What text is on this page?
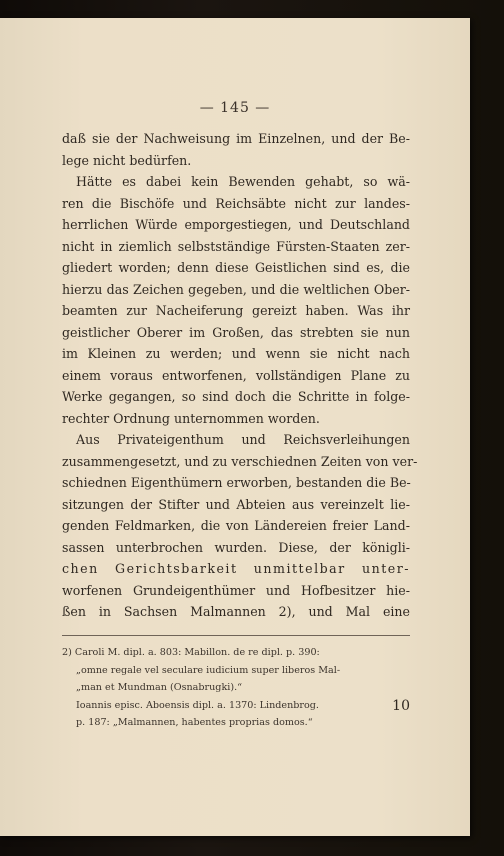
— 145 —
daß sie der Nachweisung im Einzelnen, und der Be-
lege nicht bedürfen.
Hätte es dabei kein Bewenden gehabt, so wä-
ren die Bischöfe und Reichsäbte nicht zur landes-
herrlichen Würde emporgestiegen, und Deutschland
nicht in ziemlich selbstständige Fürsten-Staaten zer-
gliedert worden; denn diese Geistlichen sind es, die
hierzu das Zeichen gegeben, und die weltlichen Ober-
beamten zur Nacheiferung gereizt haben. Was ihr
geistlicher Oberer im Großen, das strebten sie nun
im Kleinen zu werden; und wenn sie nicht nach
einem voraus entworfenen, vollständigen Plane zu
Werke gegangen, so sind doch die Schritte in folge-
rechter Ordnung unternommen worden.
Aus Privateigenthum und Reichsverleihungen
zusammengesetzt, und zu verschiednen Zeiten von ver-
schiednen Eigenthümern erworben, bestanden die Be-
sitzungen der Stifter und Abteien aus vereinzelt lie-
genden Feldmarken, die von Ländereien freier Land-
sassen unterbrochen wurden. Diese, der königli-
chen Gerichtsbarkeit unmittelbar unter-
worfenen Grundeigenthümer und Hofbesitzer hie-
ßen in Sachsen Malmannen 2), und Mal eine
2) Caroli M. dipl. a. 803: Mabillon. de re dipl. p. 390:
„omne regale vel seculare iudicium super liberos Mal-
„man et Mundman (Osnabrugki).“
Ioannis episc. Aboensis dipl. a. 1370: Lindenbrog.
p. 187: „Malmannen, habentes proprias domos.“
10
